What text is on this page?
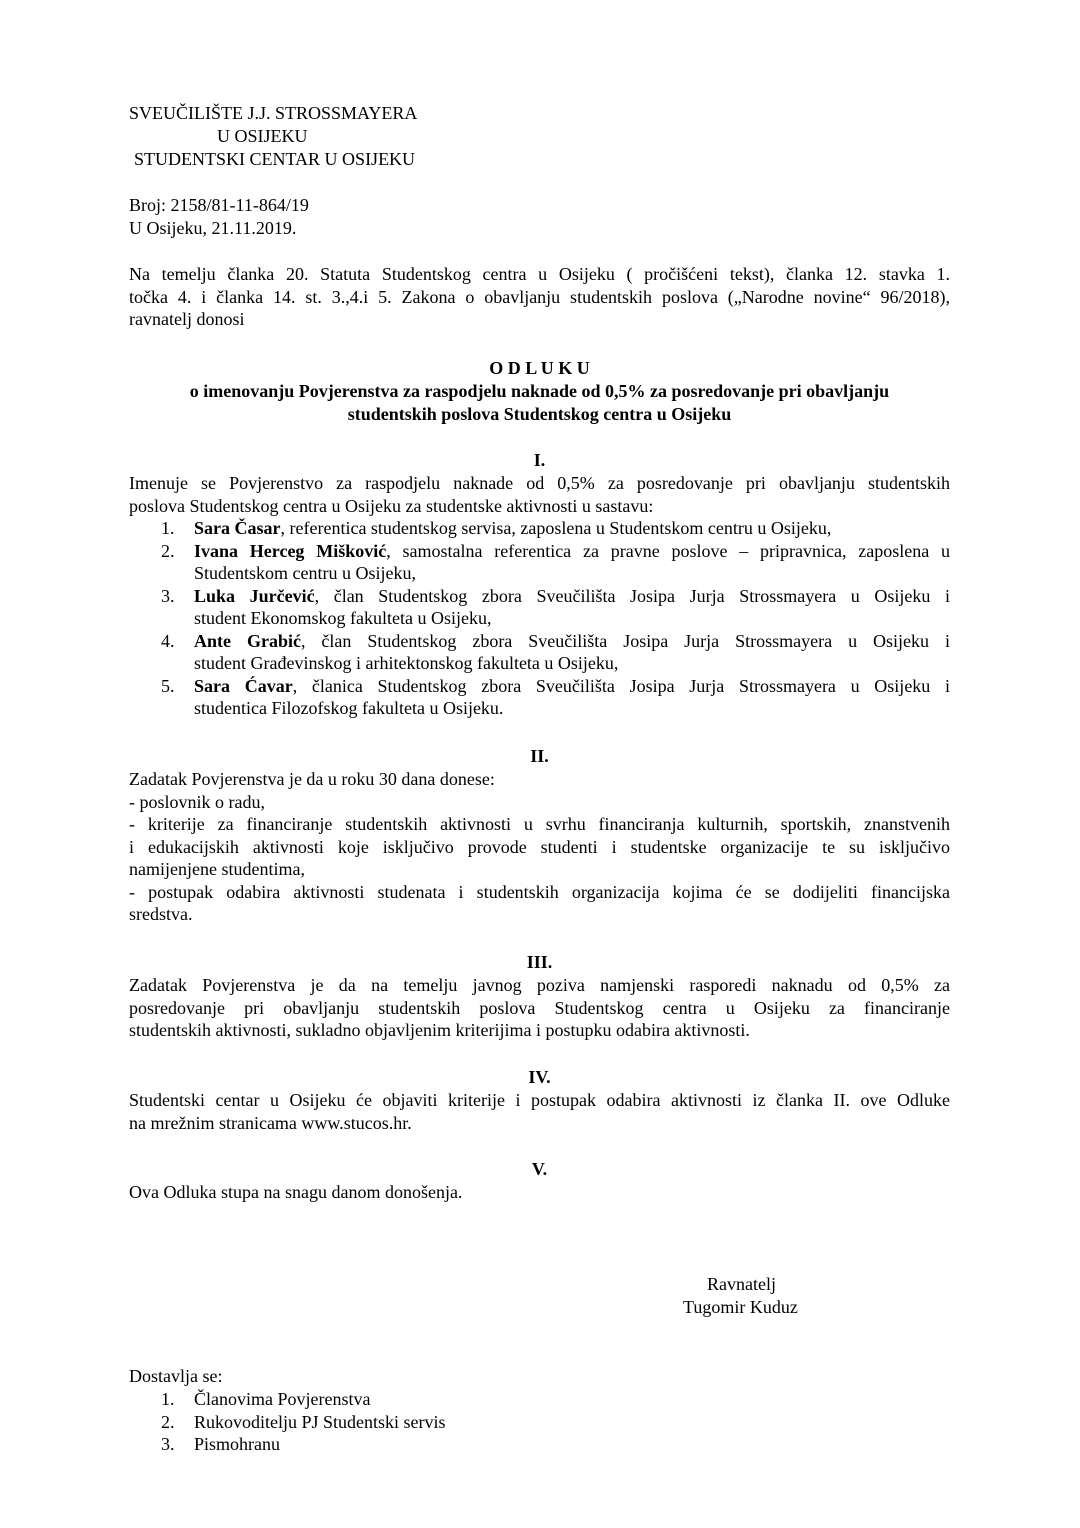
SVEUČILIŠTE J.J. STROSSMAYERA
U OSIJEKU
STUDENTSKI CENTAR U OSIJEKU
Broj: 2158/81-11-864/19
U Osijeku, 21.11.2019.
Na temelju članka 20. Statuta Studentskog centra u Osijeku ( pročišćeni tekst), članka 12. stavka 1.
točka 4. i članka 14. st. 3.,4.i 5. Zakona o obavljanju studentskih poslova („Narodne novine“ 96/2018),
ravnatelj donosi
O D L U K U
o imenovanju Povjerenstva za raspodjelu naknade od 0,5% za posredovanje pri obavljanju
studentskih poslova Studentskog centra u Osijeku
I.
Imenuje se Povjerenstvo za raspodjelu naknade od 0,5% za posredovanje pri obavljanju studentskih
poslova Studentskog centra u Osijeku za studentske aktivnosti u sastavu:
1. Sara Časar, referentica studentskog servisa, zaposlena u Studentskom centru u Osijeku,
2. Ivana Herceg Mišković, samostalna referentica za pravne poslove – pripravnica, zaposlena u
Studentskom centru u Osijeku,
3. Luka Jurčević, član Studentskog zbora Sveučilišta Josipa Jurja Strossmayera u Osijeku i
student Ekonomskog fakulteta u Osijeku,
4. Ante Grabić, član Studentskog zbora Sveučilišta Josipa Jurja Strossmayera u Osijeku i
student Građevinskog i arhitektonskog fakulteta u Osijeku,
5. Sara Ćavar, članica Studentskog zbora Sveučilišta Josipa Jurja Strossmayera u Osijeku i
studentica Filozofskog fakulteta u Osijeku.
II.
Zadatak Povjerenstva je da u roku 30 dana donese:
- poslovnik o radu,
- kriterije za financiranje studentskih aktivnosti u svrhu financiranja kulturnih, sportskih, znanstvenih
i edukacijskih aktivnosti koje isključivo provode studenti i studentske organizacije te su isključivo
namijenjene studentima,
- postupak odabira aktivnosti studenata i studentskih organizacija kojima će se dodijeliti financijska
sredstva.
III.
Zadatak Povjerenstva je da na temelju javnog poziva namjenski rasporedi naknadu od 0,5% za
posredovanje pri obavljanju studentskih poslova Studentskog centra u Osijeku za financiranje
studentskih aktivnosti, sukladno objavljenim kriterijima i postupku odabira aktivnosti.
IV.
Studentski centar u Osijeku će objaviti kriterije i postupak odabira aktivnosti iz članka II. ove Odluke
na mrežnim stranicama www.stucos.hr.
V.
Ova Odluka stupa na snagu danom donošenja.
Ravnatelj
Tugomir Kuduz
Dostavlja se:
1. Članovima Povjerenstva
2. Rukovoditelju PJ Studentski servis
3. Pismohranu
